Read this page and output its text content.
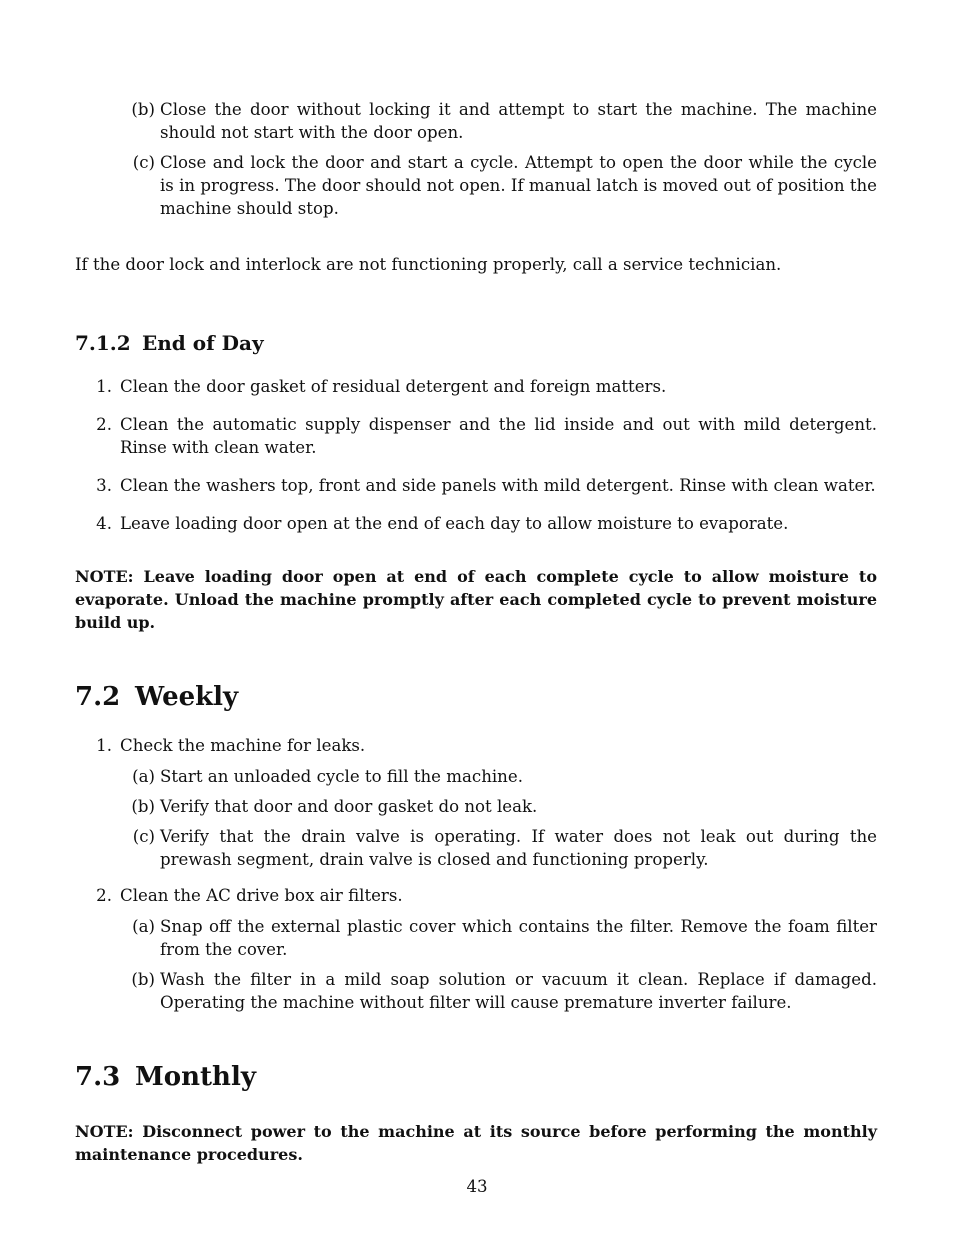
(b) Close the door without locking it and attempt to start the machine. The machine should not start with the door open.
(c) Close and lock the door and start a cycle. Attempt to open the door while the cycle is in progress. The door should not open. If manual latch is moved out of position the machine should stop.

If the door lock and interlock are not functioning properly, call a service technician.

7.1.2 End of Day
1. Clean the door gasket of residual detergent and foreign matters.
2. Clean the automatic supply dispenser and the lid inside and out with mild detergent. Rinse with clean water.
3. Clean the washers top, front and side panels with mild detergent. Rinse with clean water.
4. Leave loading door open at the end of each day to allow moisture to evaporate.

NOTE: Leave loading door open at end of each complete cycle to allow moisture to evaporate. Unload the machine promptly after each completed cycle to prevent moisture build up.

7.2 Weekly
1. Check the machine for leaks.
(a) Start an unloaded cycle to fill the machine.
(b) Verify that door and door gasket do not leak.
(c) Verify that the drain valve is operating. If water does not leak out during the prewash segment, drain valve is closed and functioning properly.
2. Clean the AC drive box air filters.
(a) Snap off the external plastic cover which contains the filter. Remove the foam filter from the cover.
(b) Wash the filter in a mild soap solution or vacuum it clean. Replace if damaged. Operating the machine without filter will cause premature inverter failure.
7.3 Monthly

NOTE: Disconnect power to the machine at its source before performing the monthly maintenance procedures.

43
